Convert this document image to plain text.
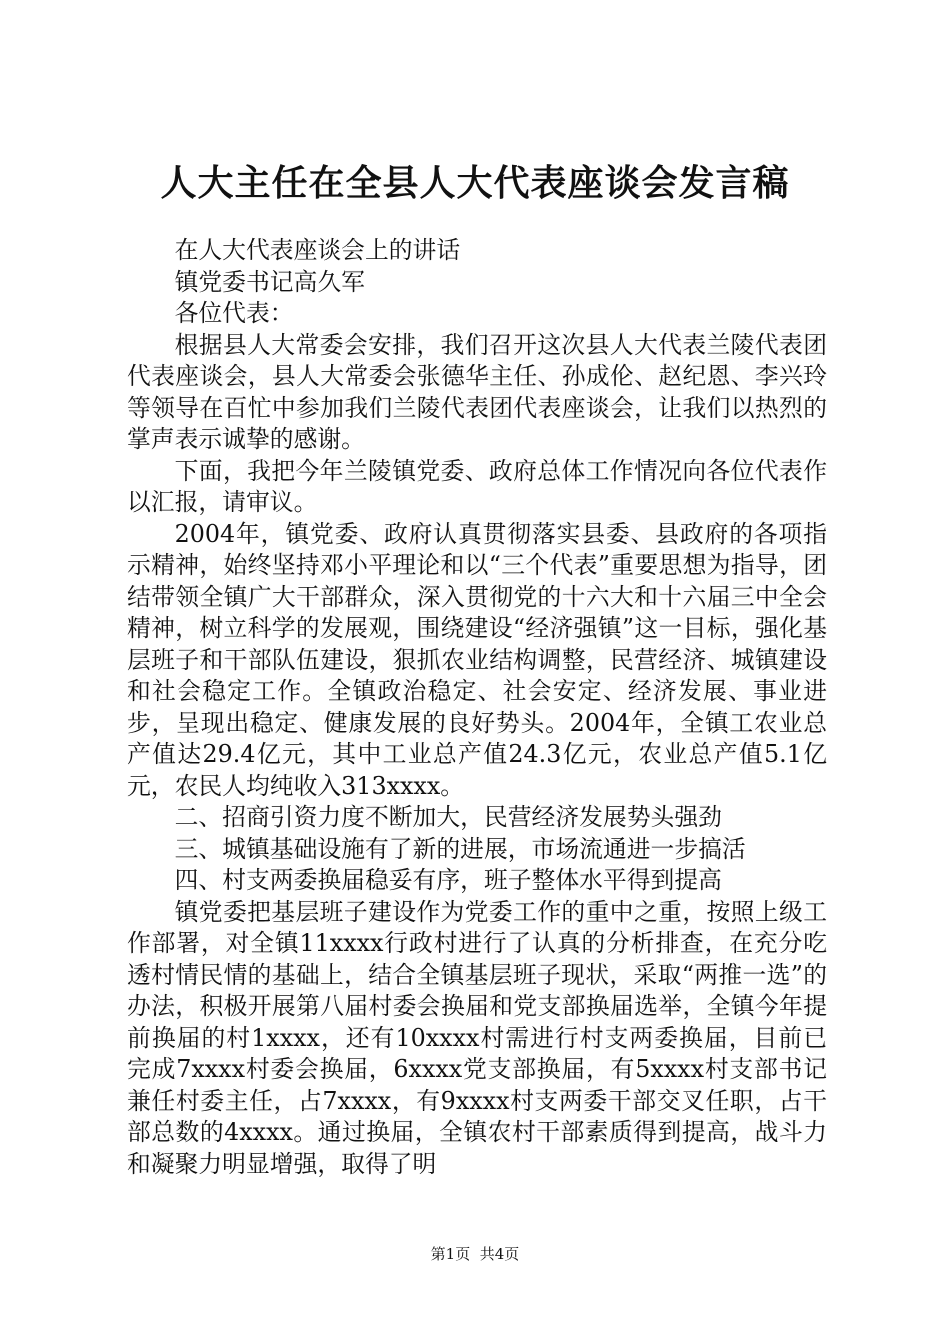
人大主任在全县人大代表座谈会发言稿

在人大代表座谈会上的讲话

镇党委书记高久军

各位代表：

根据县人大常委会安排，我们召开这次县人大代表兰陵代表团代表座谈会，县人大常委会张德华主任、孙成伦、赵纪恩、李兴玲等领导在百忙中参加我们兰陵代表团代表座谈会，让我们以热烈的掌声表示诚挚的感谢。

下面，我把今年兰陵镇党委、政府总体工作情况向各位代表作以汇报，请审议。

2004年，镇党委、政府认真贯彻落实县委、县政府的各项指示精神，始终坚持邓小平理论和以“三个代表”重要思想为指导，团结带领全镇广大干部群众，深入贯彻党的十六大和十六届三中全会精神，树立科学的发展观，围绕建设“经济强镇”这一目标，强化基层班子和干部队伍建设，狠抓农业结构调整，民营经济、城镇建设和社会稳定工作。全镇政治稳定、社会安定、经济发展、事业进步，呈现出稳定、健康发展的良好势头。2004年，全镇工农业总产值达29.4亿元，其中工业总产值24.3亿元，农业总产值5.1亿元，农民人均纯收入313xxxx。

二、招商引资力度不断加大，民营经济发展势头强劲

三、城镇基础设施有了新的进展，市场流通进一步搞活

四、村支两委换届稳妥有序，班子整体水平得到提高

镇党委把基层班子建设作为党委工作的重中之重，按照上级工作部署，对全镇11xxxx行政村进行了认真的分析排查，在充分吃透村情民情的基础上，结合全镇基层班子现状，采取“两推一选”的办法，积极开展第八届村委会换届和党支部换届选举，全镇今年提前换届的村1xxxx，还有10xxxx村需进行村支两委换届，目前已完成7xxxx村委会换届，6xxxx党支部换届，有5xxxx村支部书记兼任村委主任，占7xxxx，有9xxxx村支两委干部交叉任职，占干部总数的4xxxx。通过换届，全镇农村干部素质得到提高，战斗力和凝聚力明显增强，取得了明

第1页 共4页
